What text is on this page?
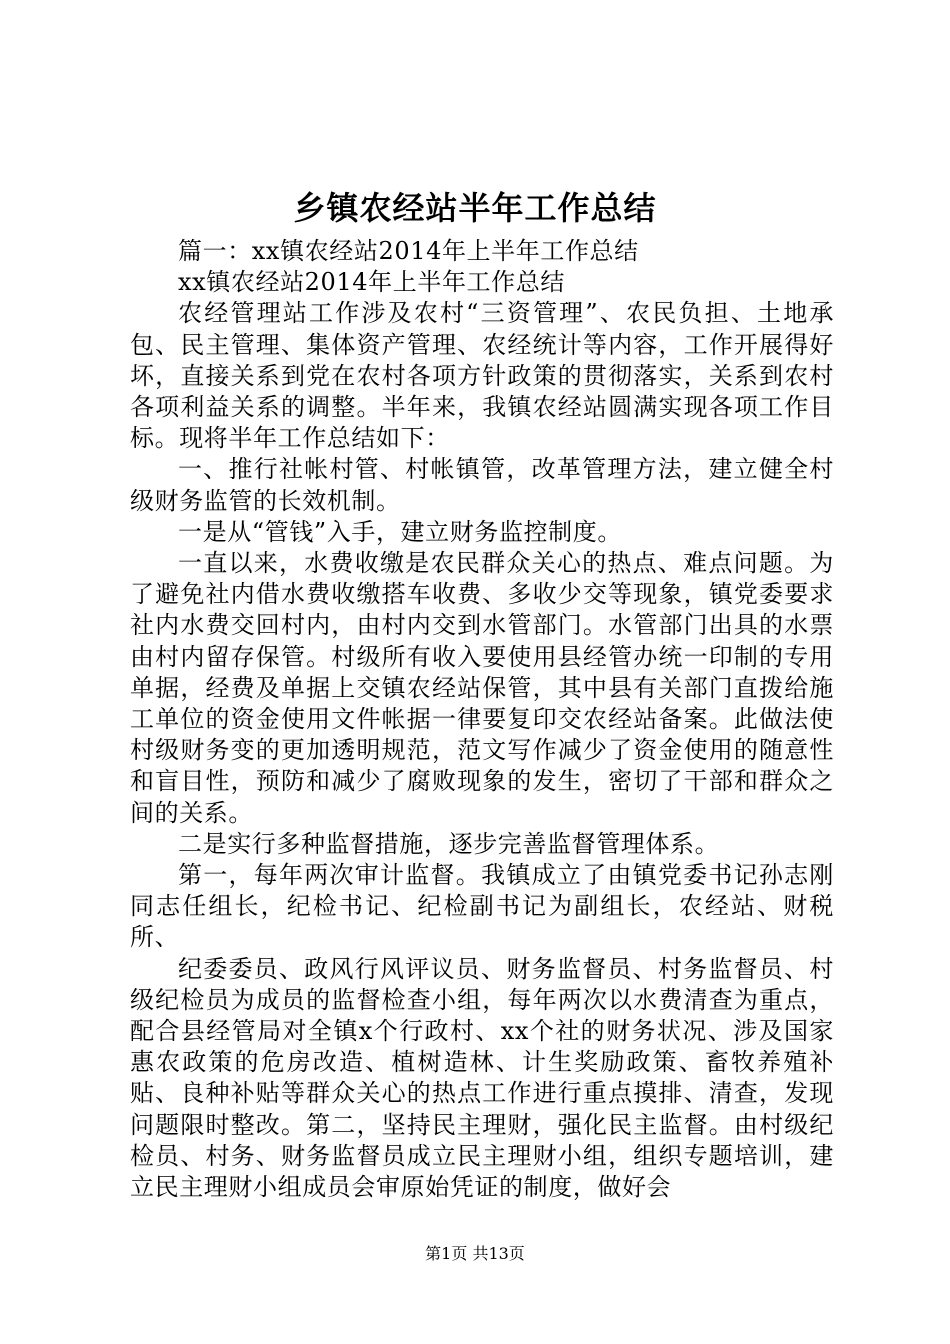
乡镇农经站半年工作总结

篇一：xx镇农经站2014年上半年工作总结

xx镇农经站2014年上半年工作总结

农经管理站工作涉及农村“三资管理”、农民负担、土地承包、民主管理、集体资产管理、农经统计等内容，工作开展得好坏，直接关系到党在农村各项方针政策的贯彻落实，关系到农村各项利益关系的调整。半年来，我镇农经站圆满实现各项工作目标。现将半年工作总结如下：

一、推行社帐村管、村帐镇管，改革管理方法，建立健全村级财务监管的长效机制。

一是从“管钱”入手，建立财务监控制度。

一直以来，水费收缴是农民群众关心的热点、难点问题。为了避免社内借水费收缴搭车收费、多收少交等现象，镇党委要求社内水费交回村内，由村内交到水管部门。水管部门出具的水票由村内留存保管。村级所有收入要使用县经管办统一印制的专用单据，经费及单据上交镇农经站保管，其中县有关部门直拨给施工单位的资金使用文件帐据一律要复印交农经站备案。此做法使村级财务变的更加透明规范，范文写作减少了资金使用的随意性和盲目性，预防和减少了腐败现象的发生，密切了干部和群众之间的关系。

二是实行多种监督措施，逐步完善监督管理体系。

第一，每年两次审计监督。我镇成立了由镇党委书记孙志刚同志任组长，纪检书记、纪检副书记为副组长，农经站、财税所、

纪委委员、政风行风评议员、财务监督员、村务监督员、村级纪检员为成员的监督检查小组，每年两次以水费清查为重点，配合县经管局对全镇x个行政村、xx个社的财务状况、涉及国家惠农政策的危房改造、植树造林、计生奖励政策、畜牧养殖补贴、良种补贴等群众关心的热点工作进行重点摸排、清查，发现问题限时整改。第二，坚持民主理财，强化民主监督。由村级纪检员、村务、财务监督员成立民主理财小组，组织专题培训，建立民主理财小组成员会审原始凭证的制度，做好会

第1页 共13页
